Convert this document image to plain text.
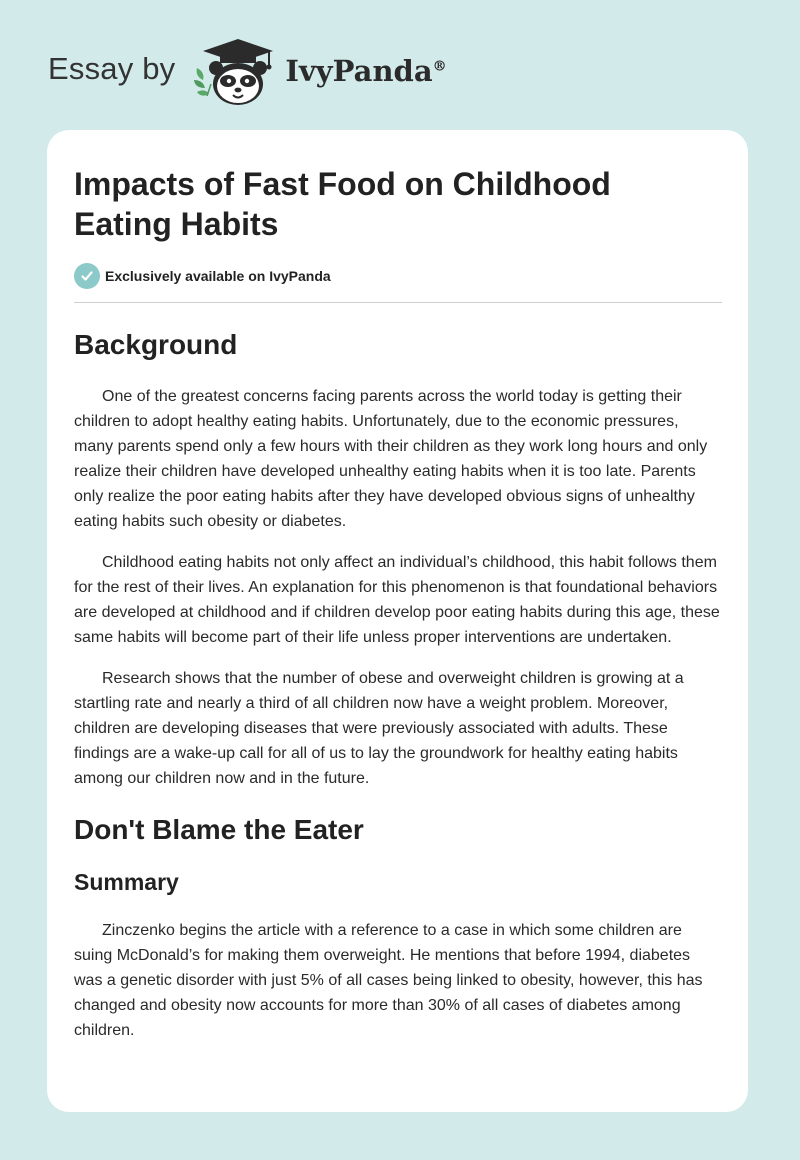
Essay by	IvyPanda®
Impacts of Fast Food on Childhood Eating Habits
Exclusively available on IvyPanda
Background

One of the greatest concerns facing parents across the world today is getting their children to adopt healthy eating habits. Unfortunately, due to the economic pressures, many parents spend only a few hours with their children as they work long hours and only realize their children have developed unhealthy eating habits when it is too late. Parents only realize the poor eating habits after they have developed obvious signs of unhealthy eating habits such obesity or diabetes.

Childhood eating habits not only affect an individual’s childhood, this habit follows them for the rest of their lives. An explanation for this phenomenon is that foundational behaviors are developed at childhood and if children develop poor eating habits during this age, these same habits will become part of their life unless proper interventions are undertaken.

Research shows that the number of obese and overweight children is growing at a startling rate and nearly a third of all children now have a weight problem. Moreover, children are developing diseases that were previously associated with adults. These findings are a wake-up call for all of us to lay the groundwork for healthy eating habits among our children now and in the future.

Don't Blame the Eater
Summary

Zinczenko begins the article with a reference to a case in which some children are suing McDonald’s for making them overweight. He mentions that before 1994, diabetes was a genetic disorder with just 5% of all cases being linked to obesity, however, this has changed and obesity now accounts for more than 30% of all cases of diabetes among children.
